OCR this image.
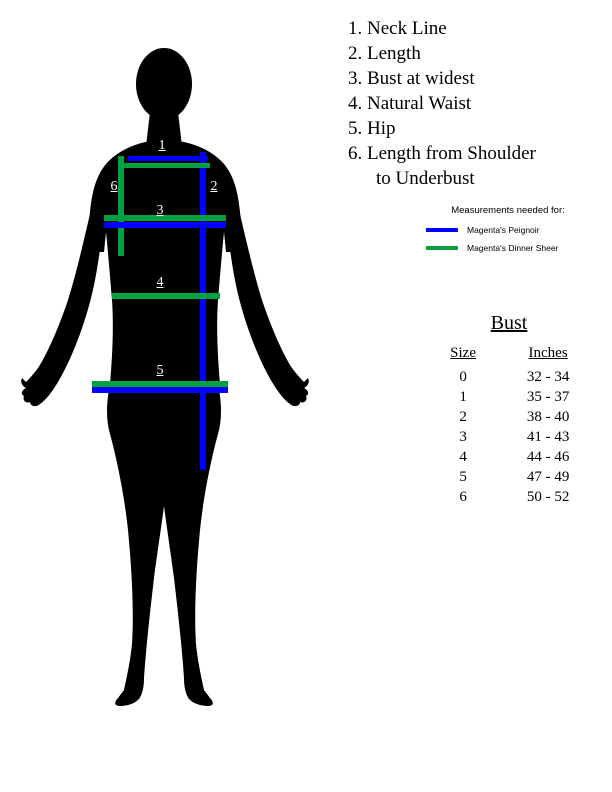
1
2
3
4
5
6
1. Neck Line
2. Length
3. Bust at widest
4. Natural Waist
5. Hip
6. Length from Shoulder
to Underbust
Measurements needed for:
Magenta's Peignoir
Magenta's Dinner Sheer
Bust
Size	Inches
0	32 - 34
1	35 - 37
2	38 - 40
3	41 - 43
4	44 - 46
5	47 - 49
6	50 - 52
